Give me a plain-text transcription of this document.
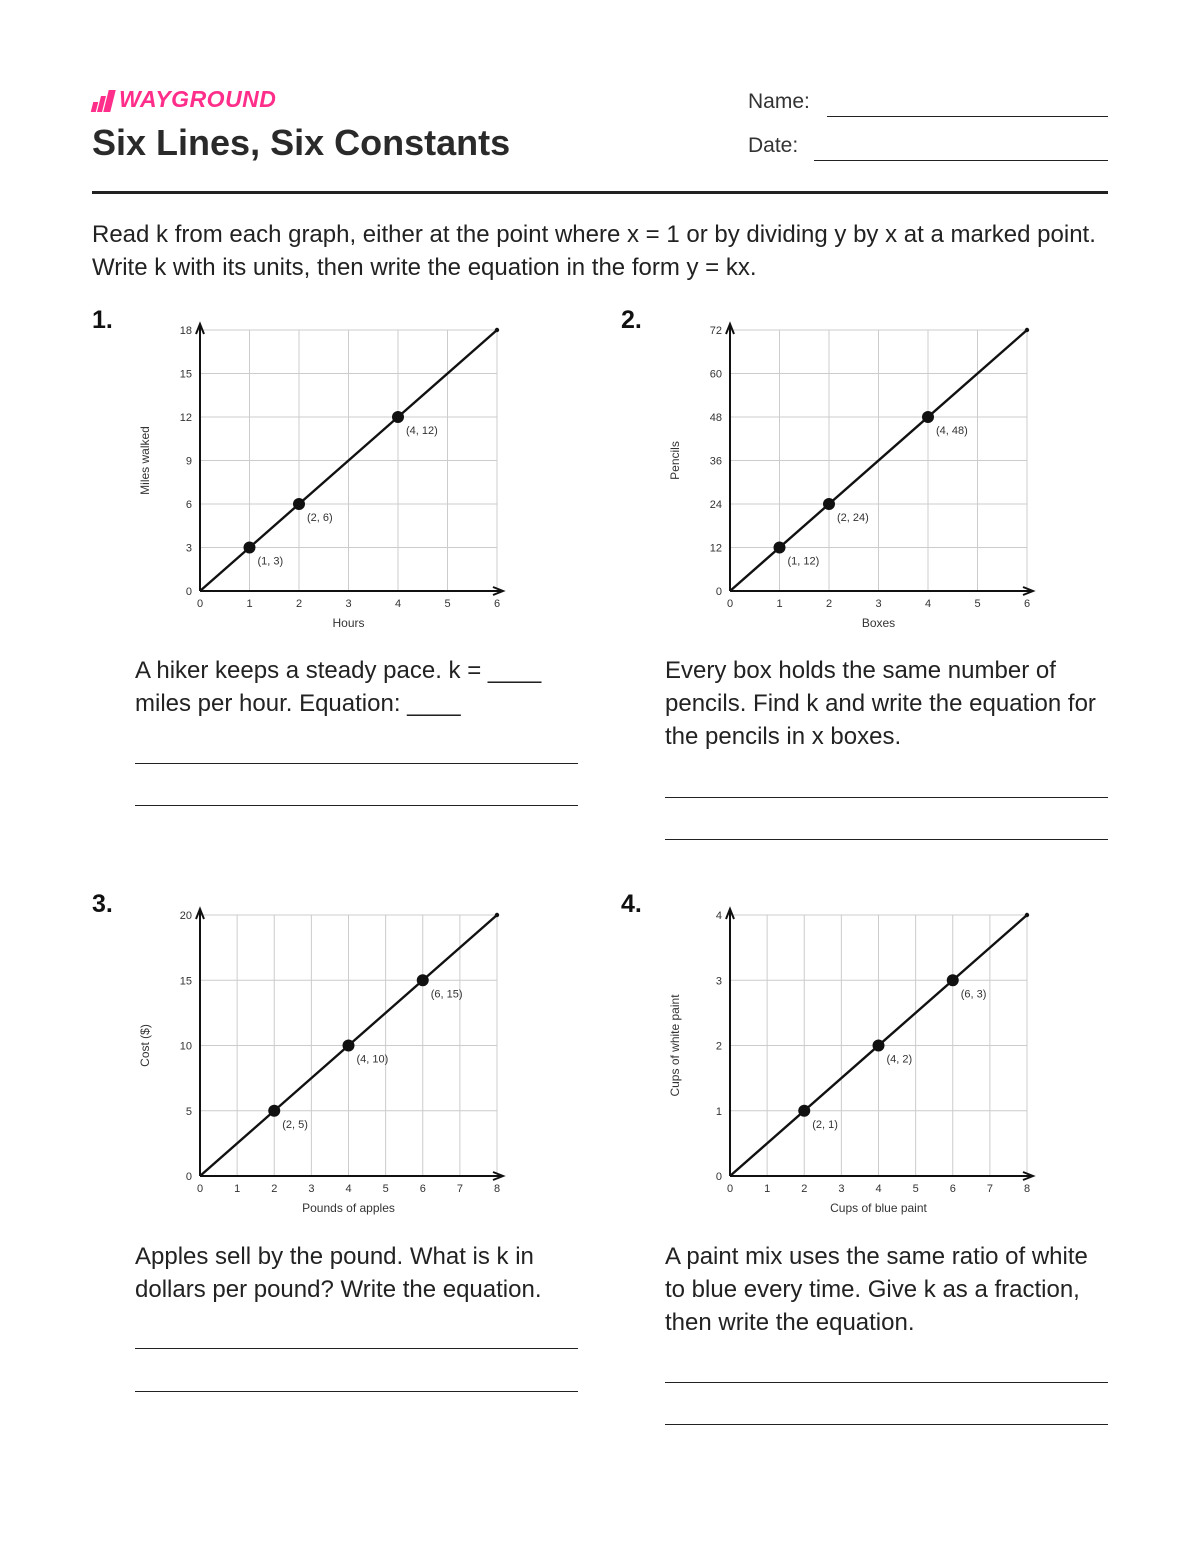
WAYGROUND
Six Lines, Six Constants
Name:
Date:

Read k from each graph, either at the point where x = 1 or by dividing y by x at a marked point. Write k with its units, then write the equation in the form y = kx.

1.
0	1	2	3	4	5	6
0
3
6
9
12
15
18
Hours
Miles walked
(1, 3)
(2, 6)
(4, 12)

A hiker keeps a steady pace. k = ____ miles per hour. Equation: ____

2.
0	1	2	3	4	5	6
0
12
24
36
48
60
72
Boxes
Pencils
(1, 12)
(2, 24)
(4, 48)

Every box holds the same number of pencils. Find k and write the equation for the pencils in x boxes.

3.
0	1	2	3	4	5	6	7	8
0
5
10
15
20
Pounds of apples
Cost ($)
(2, 5)
(4, 10)
(6, 15)

Apples sell by the pound. What is k in dollars per pound? Write the equation.

4.
0	1	2	3	4	5	6	7	8
0
1
2
3
4
Cups of blue paint
Cups of white paint
(2, 1)
(4, 2)
(6, 3)

A paint mix uses the same ratio of white to blue every time. Give k as a fraction, then write the equation.
